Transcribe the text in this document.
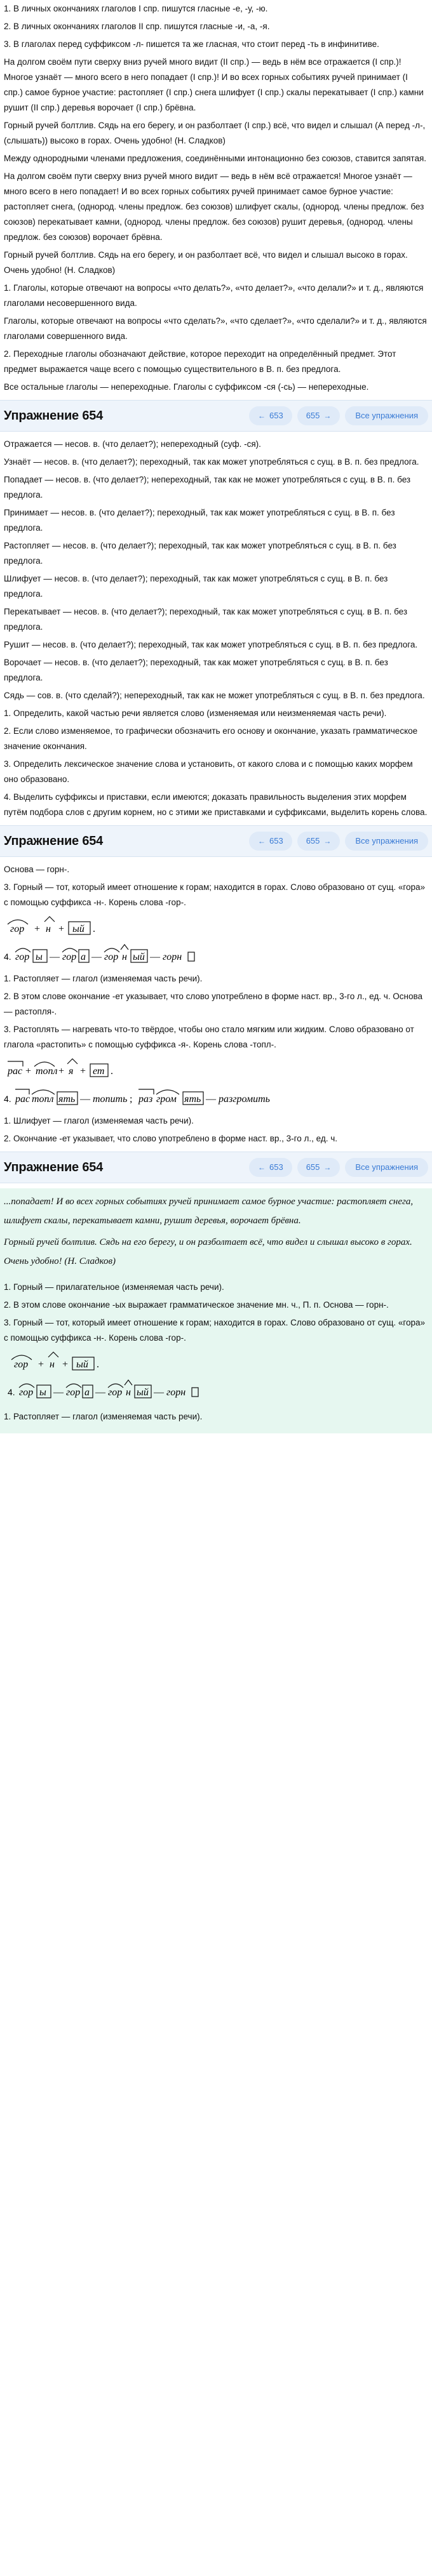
1. В личных окончаниях глаголов I спр. пишутся гласные -е, -у, -ю.

2. В личных окончаниях глаголов II спр. пишутся гласные -и, -а, -я.

3. В глаголах перед суффиксом -л- пишется та же гласная, что стоит перед -ть в инфинитиве.

На долгом своём пути сверху вниз ручей много видит (II спр.) — ведь в нём все отражается (I спр.)! Многое узнаёт — много всего в него попадает (I спр.)! И во всех горных событиях ручей принимает (I спр.) самое бурное участие: растопляет (I спр.) снега шлифует (I спр.) скалы перекатывает (I спр.) камни рушит (II спр.) деревья ворочает (I спр.) брёвна.

Горный ручей болтлив. Сядь на его берегу, и он разболтает (I спр.) всё, что видел и слышал (А перед -л-, (слышать)) высоко в горах. Очень удобно! (Н. Сладков)

Между однородными членами предложения, соединёнными интонационно без союзов, ставится запятая.

На долгом своём пути сверху вниз ручей много видит — ведь в нём всё отражается! Многое узнаёт — много всего в него попадает! И во всех горных событиях ручей принимает самое бурное участие: растопляет снега, (однород. члены предлож. без союзов) шлифует скалы, (однород. члены предлож. без союзов) перекатывает камни, (однород. члены предлож. без союзов) рушит деревья, (однород. члены предлож. без союзов) ворочает брёвна.

Горный ручей болтлив. Сядь на его берегу, и он разболтает всё, что видел и слышал высоко в горах. Очень удобно! (Н. Сладков)

1. Глаголы, которые отвечают на вопросы «что делать?», «что делает?», «что делали?» и т. д., являются глаголами несовершенного вида.

Глаголы, которые отвечают на вопросы «что сделать?», «что сделает?», «что сделали?» и т. д., являются глаголами совершенного вида.

2. Переходные глаголы обозначают действие, которое переходит на определённый предмет. Этот предмет выражается чаще всего с помощью существительного в В. п. без предлога.

Все остальные глаголы — непереходные. Глаголы с суффиксом -ся (-сь) — непереходные.

Упражнение 654	← 653	655 →	Все упражнения

Отражается — несов. в. (что делает?); непереходный (суф. -ся).

Узнаёт — несов. в. (что делает?); переходный, так как может употребляться с сущ. в В. п. без предлога.

Попадает — несов. в. (что делает?); непереходный, так как не может употребляться с сущ. в В. п. без предлога.

Принимает — несов. в. (что делает?); переходный, так как может употребляться с сущ. в В. п. без предлога.

Растопляет — несов. в. (что делает?); переходный, так как может употребляться с сущ. в В. п. без предлога.

Шлифует — несов. в. (что делает?); переходный, так как может употребляться с сущ. в В. п. без предлога.

Перекатывает — несов. в. (что делает?); переходный, так как может употребляться с сущ. в В. п. без предлога.

Рушит — несов. в. (что делает?); переходный, так как может употребляться с сущ. в В. п. без предлога.

Ворочает — несов. в. (что делает?); переходный, так как может употребляться с сущ. в В. п. без предлога.

Сядь — сов. в. (что сделай?); непереходный, так как не может употребляться с сущ. в В. п. без предлога.

1. Определить, какой частью речи является слово (изменяемая или неизменяемая часть речи).

2. Если слово изменяемое, то графически обозначить его основу и окончание, указать грамматическое значение окончания.

3. Определить лексическое значение слова и установить, от какого слова и с помощью каких морфем оно образовано.

4. Выделить суффиксы и приставки, если имеются; доказать правильность выделения этих морфем путём подбора слов с другим корнем, но с этими же приставками и суффиксами, выделить корень слова.

Упражнение 654	← 653	655 →	Все упражнения

Основа — горн-.

3. Горный — тот, который имеет отношение к горам; находится в горах. Слово образовано от сущ. «гора» с помощью суффикса -н-. Корень слова -гор-.

гор + н + ый .
4. гор ы — гор а — гор н ый — горн

1. Растопляет — глагол (изменяемая часть речи).

2. В этом слове окончание -ет указывает, что слово употреблено в форме наст. вр., 3-го л., ед. ч. Основа — растопля-.

3. Растоплять — нагревать что-то твёрдое, чтобы оно стало мягким или жидким. Слово образовано от глагола «растопить» с помощью суффикса -я-. Корень слова -топл-.

рас + топл + я + ет .
4. рас топл ять — топить ; раз гром ять — разгромить

1. Шлифует — глагол (изменяемая часть речи).

2. Окончание -ет указывает, что слово употреблено в форме наст. вр., 3-го л., ед. ч.

Упражнение 654	← 653	655 →	Все упражнения

...попадает! И во всех горных событиях ручей принимает самое бурное участие: растопляет снега, шлифует скалы, перекатывает камни, рушит деревья, ворочает брёвна.

Горный ручей болтлив. Сядь на его берегу, и он разболтает всё, что видел и слышал высоко в горах. Очень удобно! (Н. Сладков)

1. Горный — прилагательное (изменяемая часть речи).

2. В этом слове окончание -ых выражает грамматическое значение мн. ч., П. п. Основа — горн-.

3. Горный — тот, который имеет отношение к горам; находится в горах. Слово образовано от сущ. «гора» с помощью суффикса -н-. Корень слова -гор-.

гор + н + ый .
4. гор ы — гор а — гор н ый — горн

1. Растопляет — глагол (изменяемая часть речи).
